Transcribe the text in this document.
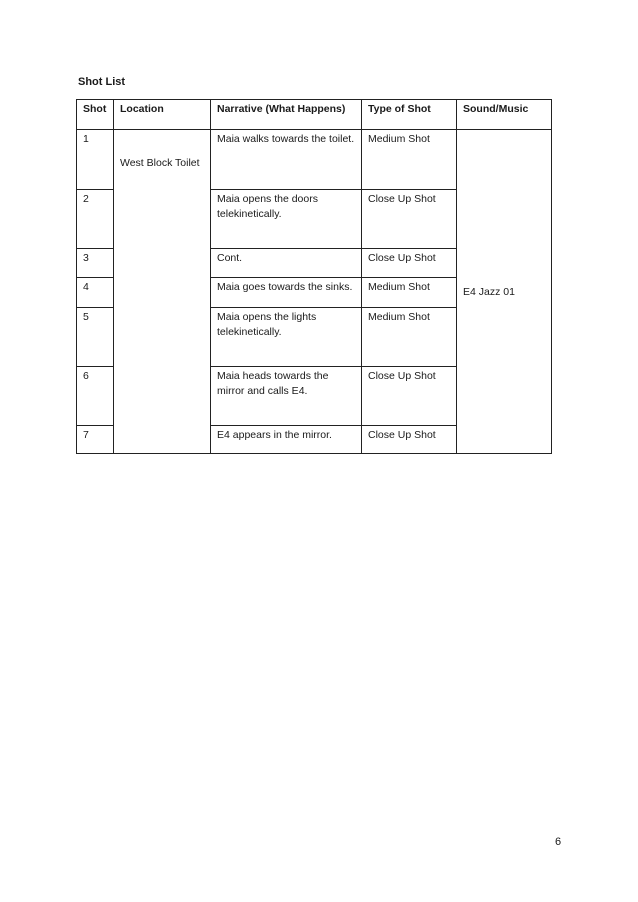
Shot List
Shot	Location	Narrative (What Happens)	Type of Shot	Sound/Music
1	West Block Toilet	Maia walks towards the toilet.	Medium Shot	E4 Jazz 01
2		Maia opens the doors telekinetically.	Close Up Shot	
3		Cont.	Close Up Shot	
4		Maia goes towards the sinks.	Medium Shot	
5		Maia opens the lights telekinetically.	Medium Shot	
6		Maia heads towards the mirror and calls E4.	Close Up Shot	
7		E4 appears in the mirror.	Close Up Shot	
6
